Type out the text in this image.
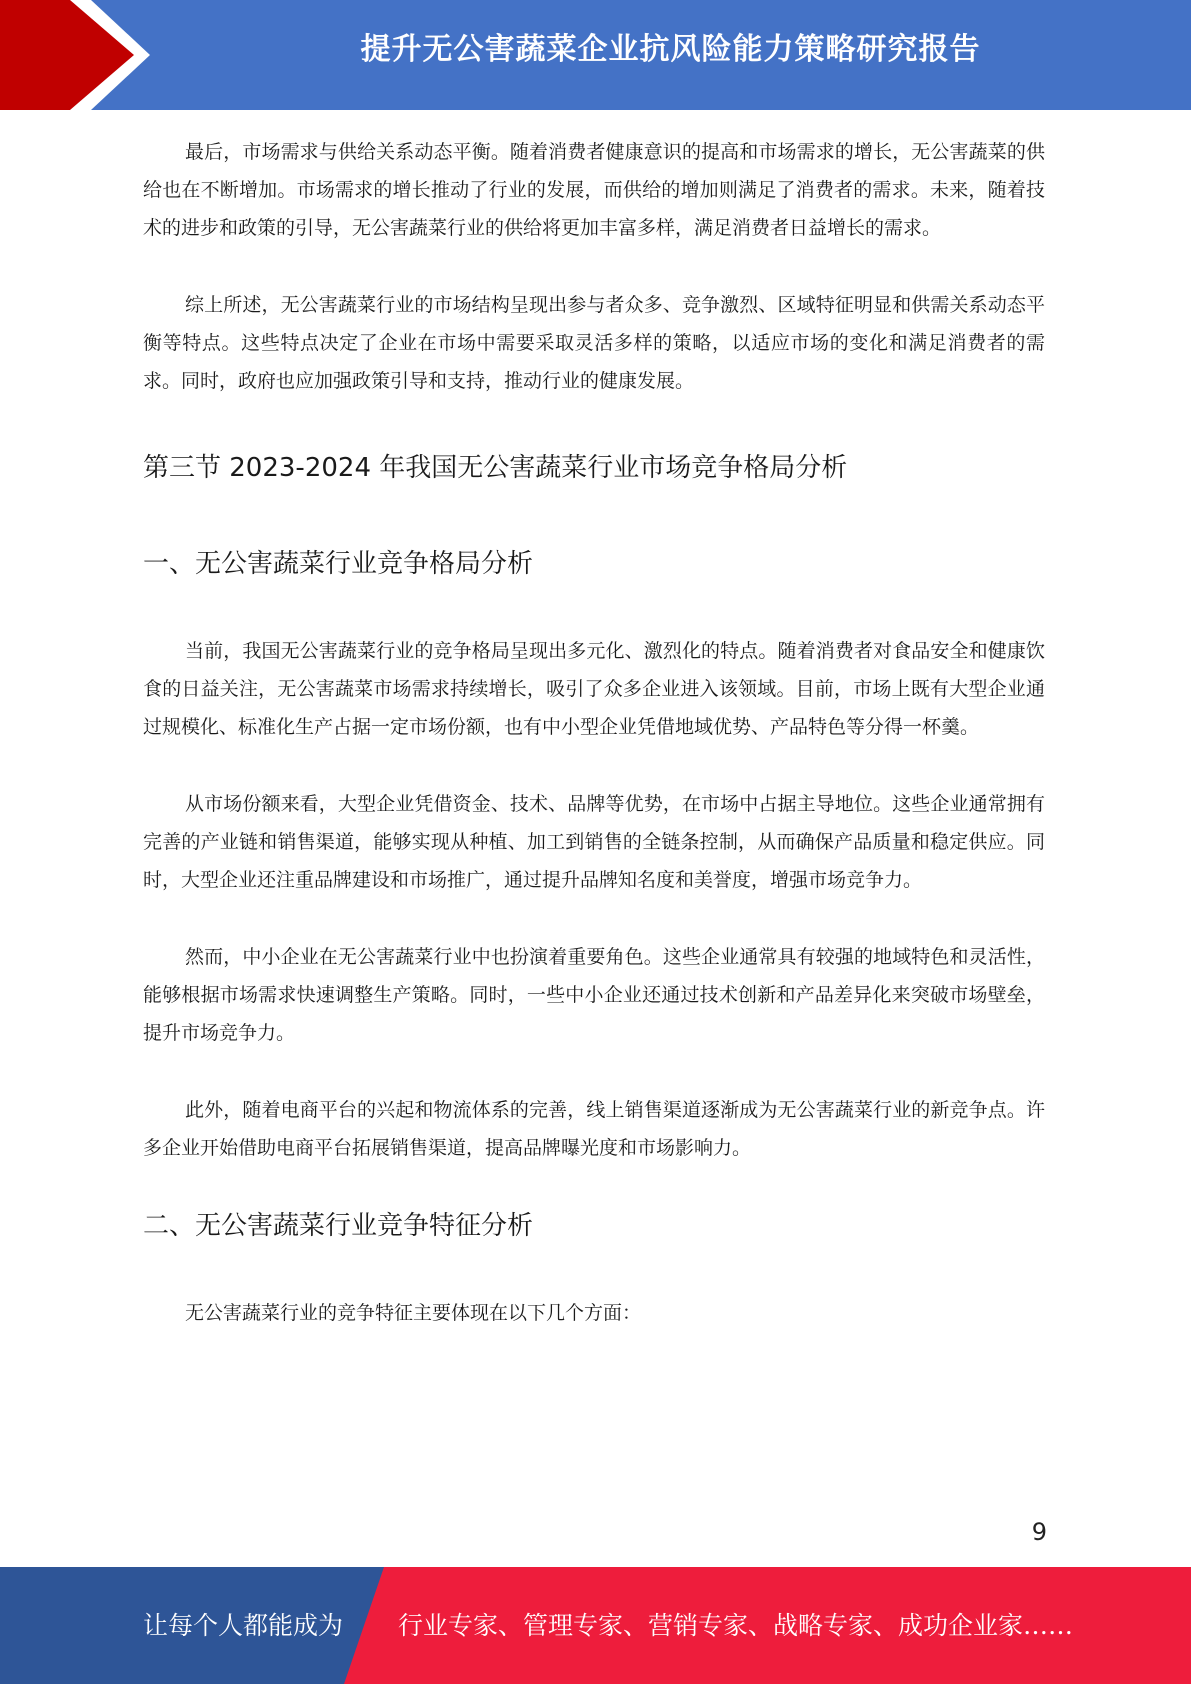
提升无公害蔬菜企业抗风险能力策略研究报告

最后，市场需求与供给关系动态平衡。随着消费者健康意识的提高和市场需求的增长，无公害蔬菜的供给也在不断增加。市场需求的增长推动了行业的发展，而供给的增加则满足了消费者的需求。未来，随着技术的进步和政策的引导，无公害蔬菜行业的供给将更加丰富多样，满足消费者日益增长的需求。

综上所述，无公害蔬菜行业的市场结构呈现出参与者众多、竞争激烈、区域特征明显和供需关系动态平衡等特点。这些特点决定了企业在市场中需要采取灵活多样的策略，以适应市场的变化和满足消费者的需求。同时，政府也应加强政策引导和支持，推动行业的健康发展。

第三节 2023-2024 年我国无公害蔬菜行业市场竞争格局分析
一、无公害蔬菜行业竞争格局分析

当前，我国无公害蔬菜行业的竞争格局呈现出多元化、激烈化的特点。随着消费者对食品安全和健康饮食的日益关注，无公害蔬菜市场需求持续增长，吸引了众多企业进入该领域。目前，市场上既有大型企业通过规模化、标准化生产占据一定市场份额，也有中小型企业凭借地域优势、产品特色等分得一杯羹。

从市场份额来看，大型企业凭借资金、技术、品牌等优势，在市场中占据主导地位。这些企业通常拥有完善的产业链和销售渠道，能够实现从种植、加工到销售的全链条控制，从而确保产品质量和稳定供应。同时，大型企业还注重品牌建设和市场推广，通过提升品牌知名度和美誉度，增强市场竞争力。

然而，中小企业在无公害蔬菜行业中也扮演着重要角色。这些企业通常具有较强的地域特色和灵活性，能够根据市场需求快速调整生产策略。同时，一些中小企业还通过技术创新和产品差异化来突破市场壁垒，提升市场竞争力。

此外，随着电商平台的兴起和物流体系的完善，线上销售渠道逐渐成为无公害蔬菜行业的新竞争点。许多企业开始借助电商平台拓展销售渠道，提高品牌曝光度和市场影响力。

二、无公害蔬菜行业竞争特征分析

无公害蔬菜行业的竞争特征主要体现在以下几个方面：

9
让每个人都能成为 行业专家、管理专家、营销专家、战略专家、成功企业家……
